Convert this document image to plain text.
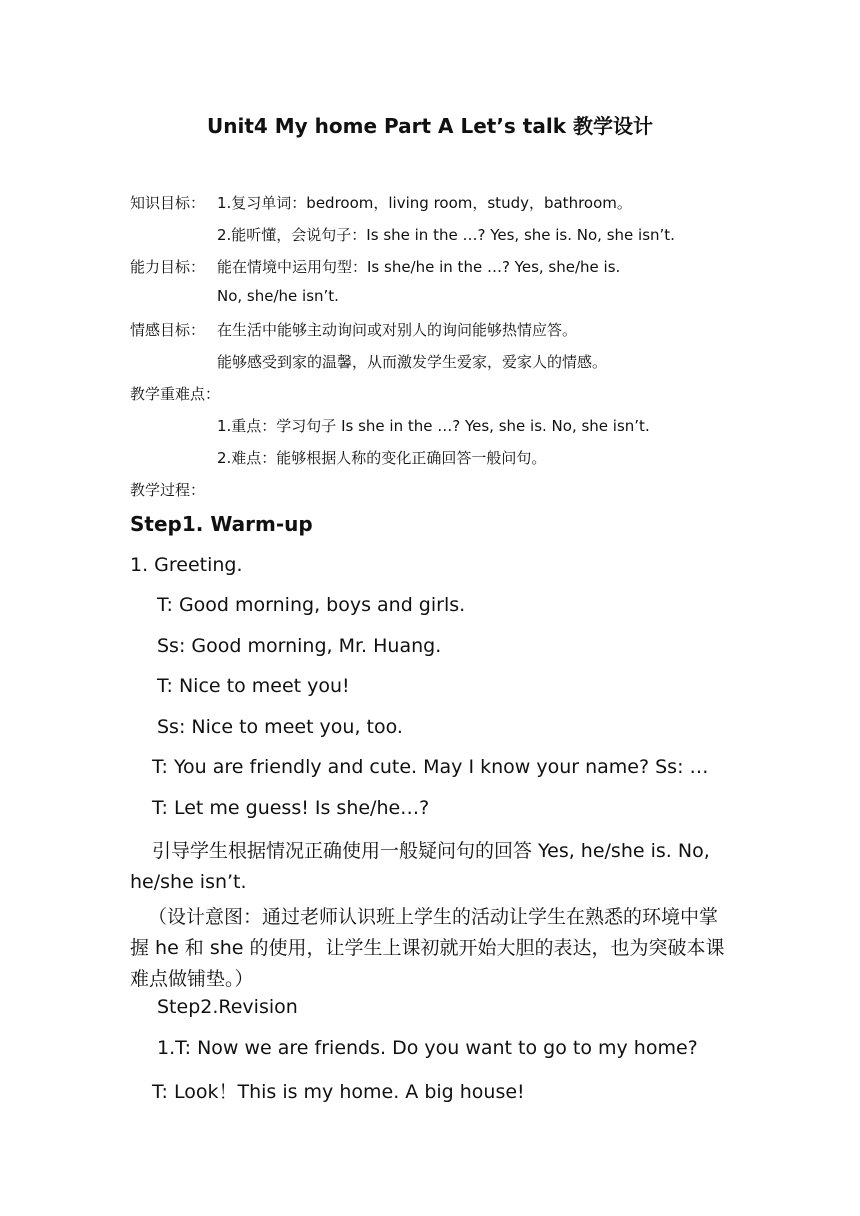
Unit4 My home Part A Let’s talk 教学设计
知识目标： 1.复习单词：bedroom，living room，study，bathroom。
2.能听懂，会说句子：Is she in the …? Yes, she is. No, she isn’t.
能力目标： 能在情境中运用句型：Is she/he in the …? Yes, she/he is.
No, she/he isn’t.
情感目标： 在生活中能够主动询问或对别人的询问能够热情应答。
能够感受到家的温馨，从而激发学生爱家，爱家人的情感。
教学重难点：
1.重点：学习句子 Is she in the …? Yes, she is. No, she isn’t.
2.难点：能够根据人称的变化正确回答一般问句。
教学过程：
Step1. Warm-up
1. Greeting.
T: Good morning, boys and girls.
Ss: Good morning, Mr. Huang.
T: Nice to meet you!
Ss: Nice to meet you, too.
T: You are friendly and cute. May I know your name? Ss: …
T: Let me guess! Is she/he…?
引导学生根据情况正确使用一般疑问句的回答 Yes, he/she is. No, he/she isn’t.
（设计意图：通过老师认识班上学生的活动让学生在熟悉的环境中掌握 he 和 she 的使用，让学生上课初就开始大胆的表达，也为突破本课难点做铺垫。）
Step2.Revision
1.T: Now we are friends. Do you want to go to my home?
T: Look！This is my home. A big house!
